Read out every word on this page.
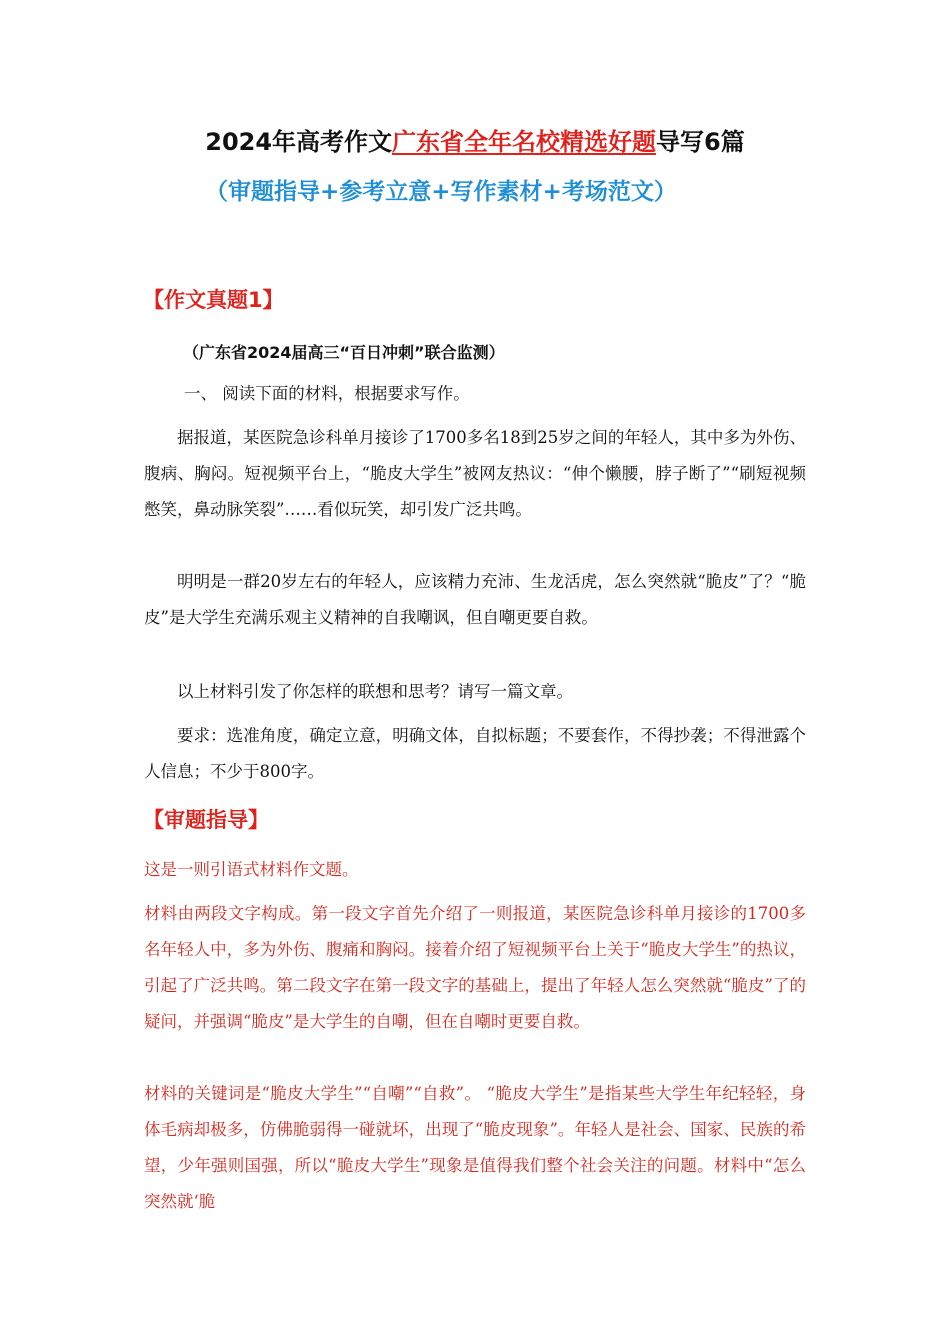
2024年高考作文广东省全年名校精选好题导写6篇
（审题指导+参考立意+写作素材+考场范文）
【作文真题1】
（广东省2024届高三“百日冲刺”联合监测）

一、 阅读下面的材料，根据要求写作。

据报道，某医院急诊科单月接诊了1700多名18到25岁之间的年轻人，其中多为外伤、腹病、胸闷。短视频平台上，“脆皮大学生”被网友热议：“伸个懒腰，脖子断了”“刷短视频憋笑，鼻动脉笑裂”……看似玩笑，却引发广泛共鸣。

明明是一群20岁左右的年轻人，应该精力充沛、生龙活虎，怎么突然就“脆皮”了？“脆皮”是大学生充满乐观主义精神的自我嘲讽，但自嘲更要自救。

以上材料引发了你怎样的联想和思考？请写一篇文章。

要求：选准角度，确定立意，明确文体，自拟标题；不要套作，不得抄袭；不得泄露个人信息；不少于800字。

【审题指导】

这是一则引语式材料作文题。

材料由两段文字构成。第一段文字首先介绍了一则报道，某医院急诊科单月接诊的1700多名年轻人中，多为外伤、腹痛和胸闷。接着介绍了短视频平台上关于“脆皮大学生”的热议，引起了广泛共鸣。第二段文字在第一段文字的基础上，提出了年轻人怎么突然就“脆皮”了的疑问，并强调“脆皮”是大学生的自嘲，但在自嘲时更要自救。

材料的关键词是“脆皮大学生”“自嘲”“自救”。 “脆皮大学生”是指某些大学生年纪轻轻，身体毛病却极多，仿佛脆弱得一碰就坏，出现了“脆皮现象”。年轻人是社会、国家、民族的希望，少年强则国强，所以“脆皮大学生”现象是值得我们整个社会关注的问题。材料中“怎么突然就‘脆
